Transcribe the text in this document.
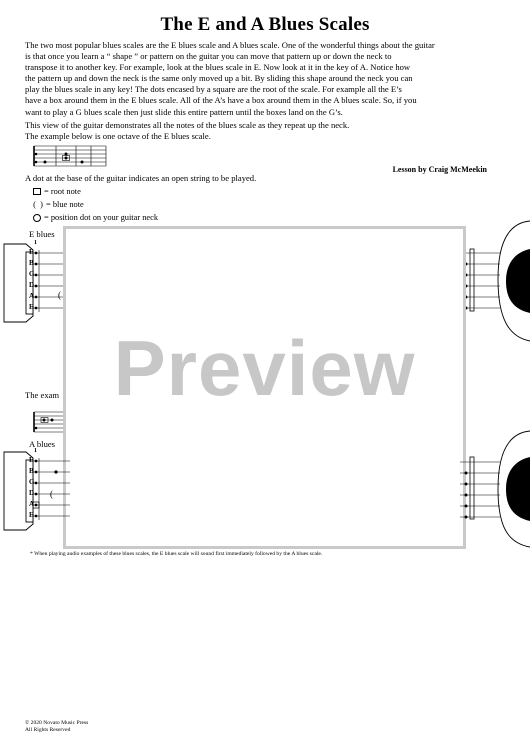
The E and A Blues Scales
The two most popular blues scales are the E blues scale and A blues scale. One of the wonderful things about the guitar
is that once you learn a “ shape ” or pattern on the guitar you can move that pattern up or down the neck to
transpose it to another key. For example, look at the blues scale in E. Now look at it in the key of A. Notice how
the pattern up and down the neck is the same only moved up a bit. By sliding this shape around the neck you can
play the blues scale in any key! The dots encased by a square are the root of the scale. For example all the E’s
have a box around them in the E blues scale. All of the A’s have a box around them in the A blues scale. So, if you
want to play a G blues scale then just slide this entire pattern until the boxes land on the G’s.
This view of the guitar demonstrates all the notes of the blues scale as they repeat up the neck.
The example below is one octave of the E blues scale.
Lesson by Craig McMeekin
A dot at the base of the guitar indicates an open string to be played.
= root note
(  ) = blue note
= position dot on your guitar neck
E blues
(
1
E
B
G
D
A
E
Preview
The exam
A blues
(
1
E
B
G
D
A
E
* When playing audio examples of these blues scales, the E blues scale will sound first immediately followed by the A blues scale.
© 2020 Novato Music Press
All Rights Reserved
